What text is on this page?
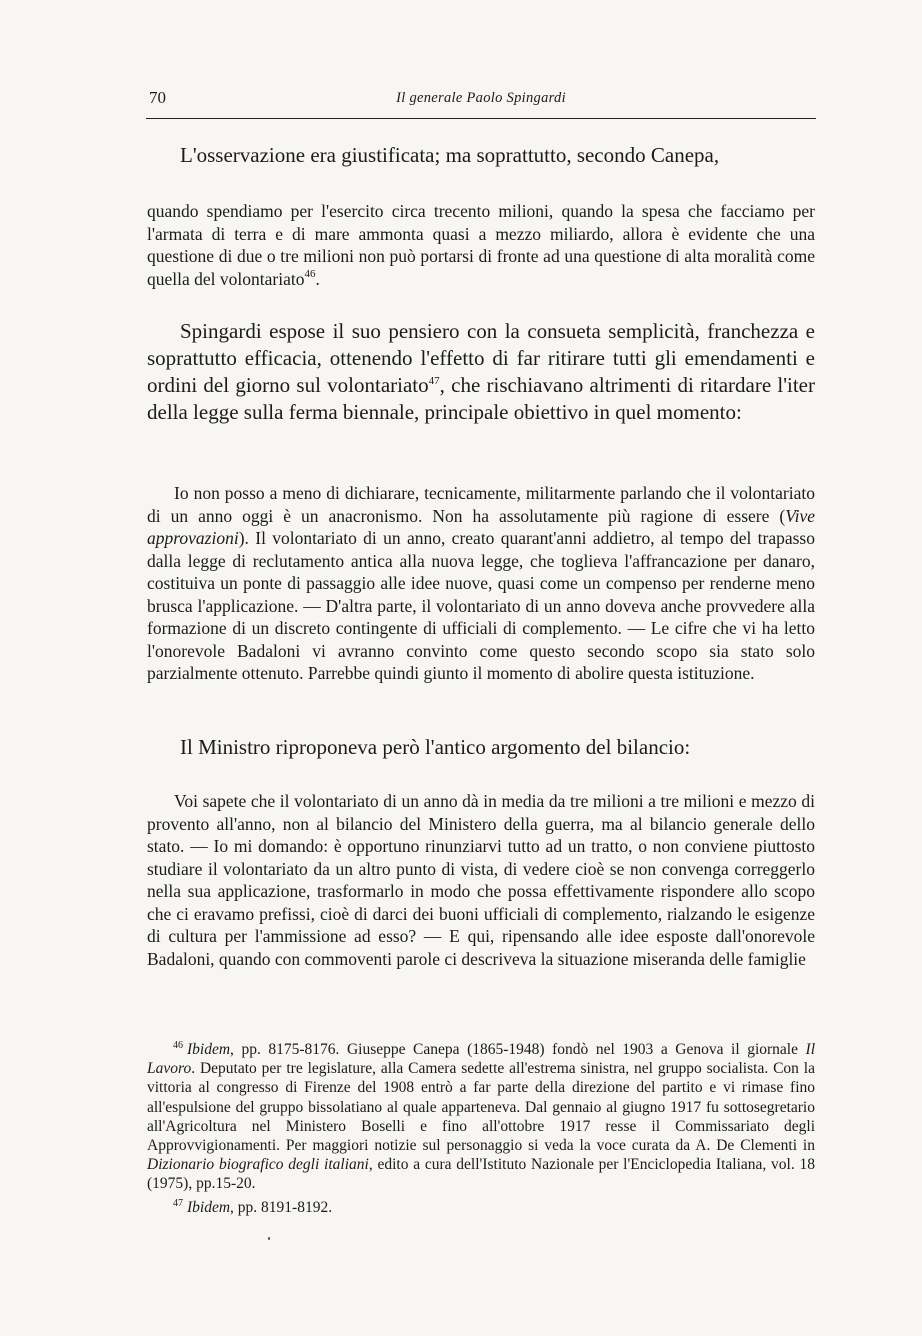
70	Il generale Paolo Spingardi

L'osservazione era giustificata; ma soprattutto, secondo Canepa,

quando spendiamo per l'esercito circa trecento milioni, quando la spesa che facciamo per l'armata di terra e di mare ammonta quasi a mezzo miliardo, allora è evidente che una questione di due o tre milioni non può portarsi di fronte ad una questione di alta moralità come quella del volontariato$^{46}$.

Spingardi espose il suo pensiero con la consueta semplicità, franchezza e soprattutto efficacia, ottenendo l'effetto di far ritirare tutti gli emendamenti e ordini del giorno sul volontariato$^{47}$, che rischiavano altrimenti di ritardare l'iter della legge sulla ferma biennale, principale obiettivo in quel momento:

Io non posso a meno di dichiarare, tecnicamente, militarmente parlando che il volontariato di un anno oggi è un anacronismo. Non ha assolutamente più ragione di essere (Vive approvazioni). Il volontariato di un anno, creato quarant'anni addietro, al tempo del trapasso dalla legge di reclutamento antica alla nuova legge, che toglieva l'affrancazione per danaro, costituiva un ponte di passaggio alle idee nuove, quasi come un compenso per renderne meno brusca l'applicazione. — D'altra parte, il volontariato di un anno doveva anche provvedere alla formazione di un discreto contingente di ufficiali di complemento. — Le cifre che vi ha letto l'onorevole Badaloni vi avranno convinto come questo secondo scopo sia stato solo parzialmente ottenuto. Parrebbe quindi giunto il momento di abolire questa istituzione.

Il Ministro riproponeva però l'antico argomento del bilancio:

Voi sapete che il volontariato di un anno dà in media da tre milioni a tre milioni e mezzo di provento all'anno, non al bilancio del Ministero della guerra, ma al bilancio generale dello stato. — Io mi domando: è opportuno rinunziarvi tutto ad un tratto, o non conviene piuttosto studiare il volontariato da un altro punto di vista, di vedere cioè se non convenga correggerlo nella sua applicazione, trasformarlo in modo che possa effettivamente rispondere allo scopo che ci eravamo prefissi, cioè di darci dei buoni ufficiali di complemento, rialzando le esigenze di cultura per l'ammissione ad esso? — E qui, ripensando alle idee esposte dall'onorevole Badaloni, quando con commoventi parole ci descriveva la situazione miseranda delle famiglie

$^{46}$ Ibidem, pp. 8175-8176. Giuseppe Canepa (1865-1948) fondò nel 1903 a Genova il giornale Il Lavoro. Deputato per tre legislature, alla Camera sedette all'estrema sinistra, nel gruppo socialista. Con la vittoria al congresso di Firenze del 1908 entrò a far parte della direzione del partito e vi rimase fino all'espulsione del gruppo bissolatiano al quale apparteneva. Dal gennaio al giugno 1917 fu sottosegretario all'Agricoltura nel Ministero Boselli e fino all'ottobre 1917 resse il Commissariato degli Approvvigionamenti. Per maggiori notizie sul personaggio si veda la voce curata da A. De Clementi in Dizionario biografico degli italiani, edito a cura dell'Istituto Nazionale per l'Enciclopedia Italiana, vol. 18 (1975), pp.15-20.

$^{47}$ Ibidem, pp. 8191-8192.
